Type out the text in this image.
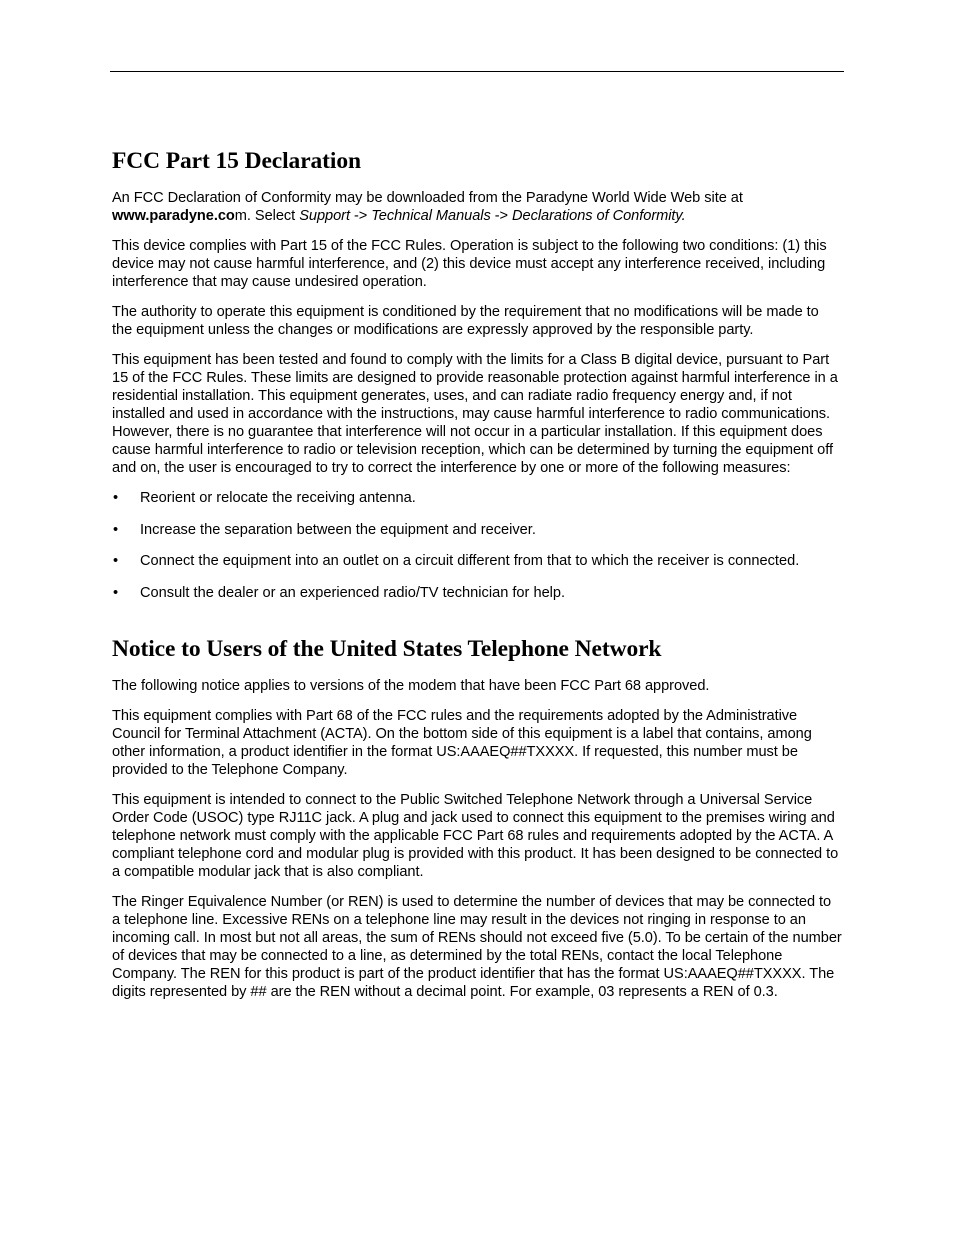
FCC Part 15 Declaration

An FCC Declaration of Conformity may be downloaded from the Paradyne World Wide Web site at
www.paradyne.com. Select Support -> Technical Manuals -> Declarations of Conformity.

This device complies with Part 15 of the FCC Rules. Operation is subject to the following two conditions: (1) this device may not cause harmful interference, and (2) this device must accept any interference received, including interference that may cause undesired operation.

The authority to operate this equipment is conditioned by the requirement that no modifications will be made to the equipment unless the changes or modifications are expressly approved by the responsible party.

This equipment has been tested and found to comply with the limits for a Class B digital device, pursuant to Part 15 of the FCC Rules. These limits are designed to provide reasonable protection against harmful interference in a residential installation. This equipment generates, uses, and can radiate radio frequency energy and, if not installed and used in accordance with the instructions, may cause harmful interference to radio communications. However, there is no guarantee that interference will not occur in a particular installation. If this equipment does cause harmful interference to radio or television reception, which can be determined by turning the equipment off and on, the user is encouraged to try to correct the interference by one or more of the following measures:

• Reorient or relocate the receiving antenna.
• Increase the separation between the equipment and receiver.
• Connect the equipment into an outlet on a circuit different from that to which the receiver is connected.
• Consult the dealer or an experienced radio/TV technician for help.
Notice to Users of the United States Telephone Network

The following notice applies to versions of the modem that have been FCC Part 68 approved.

This equipment complies with Part 68 of the FCC rules and the requirements adopted by the Administrative Council for Terminal Attachment (ACTA). On the bottom side of this equipment is a label that contains, among other information, a product identifier in the format US:AAAEQ##TXXXX. If requested, this number must be provided to the Telephone Company.

This equipment is intended to connect to the Public Switched Telephone Network through a Universal Service Order Code (USOC) type RJ11C jack. A plug and jack used to connect this equipment to the premises wiring and telephone network must comply with the applicable FCC Part 68 rules and requirements adopted by the ACTA. A compliant telephone cord and modular plug is provided with this product. It has been designed to be connected to a compatible modular jack that is also compliant.

The Ringer Equivalence Number (or REN) is used to determine the number of devices that may be connected to a telephone line. Excessive RENs on a telephone line may result in the devices not ringing in response to an incoming call. In most but not all areas, the sum of RENs should not exceed five (5.0). To be certain of the number of devices that may be connected to a line, as determined by the total RENs, contact the local Telephone Company. The REN for this product is part of the product identifier that has the format US:AAAEQ##TXXXX. The digits represented by ## are the REN without a decimal point. For example, 03 represents a REN of 0.3.
